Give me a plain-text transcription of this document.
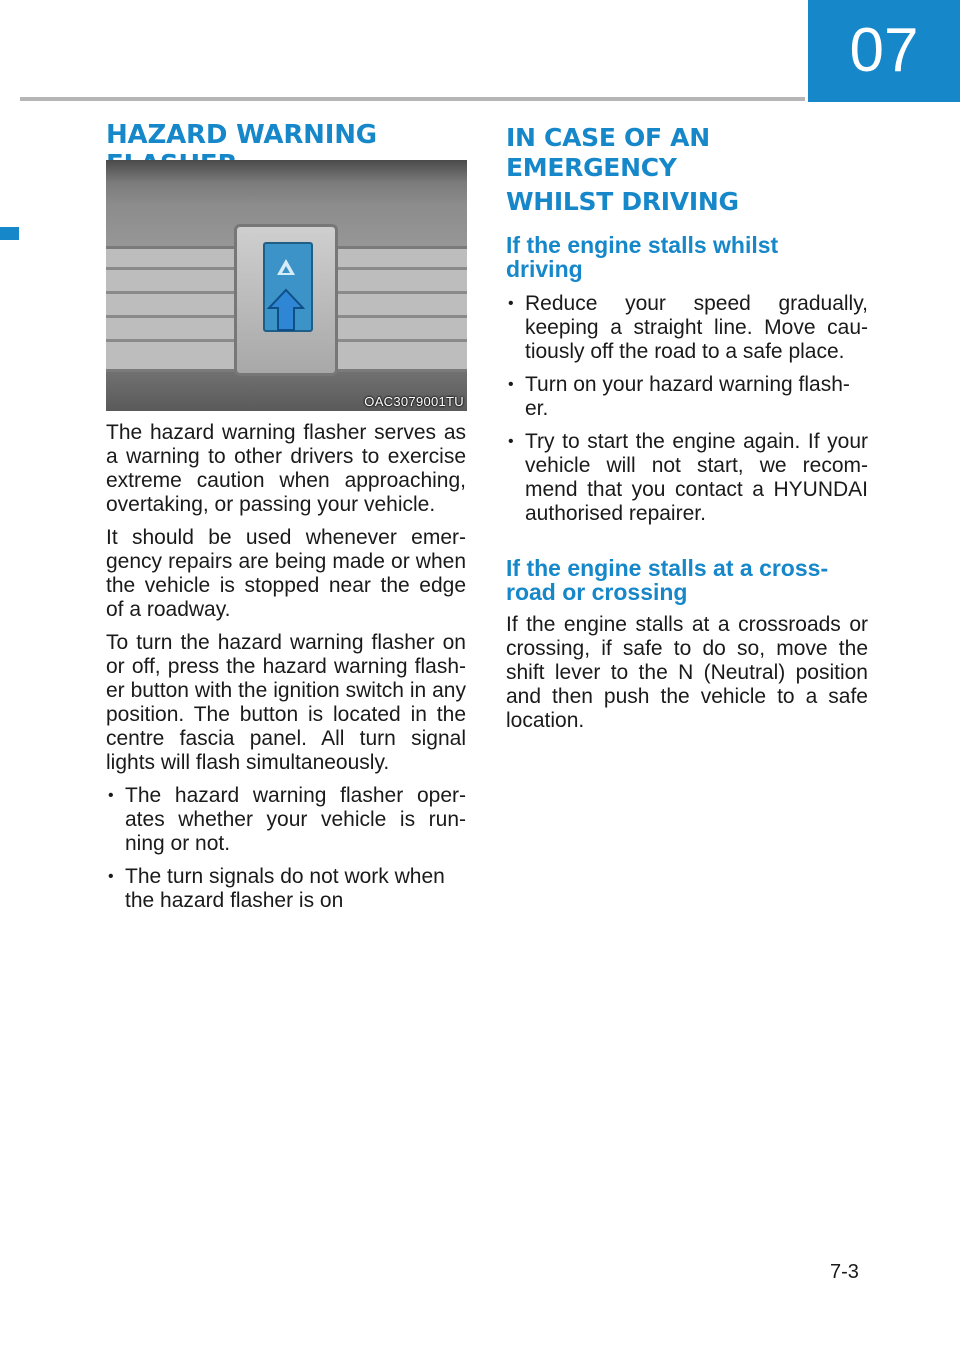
07
HAZARD WARNING
OAC3079001TU

The hazard warning flasher serves as a warning to other drivers to exercise extreme caution when approaching, overtaking, or passing your vehicle.

It should be used whenever emer-gency repairs are being made or when the vehicle is stopped near the edge of a roadway.

To turn the hazard warning flasher on or off, press the hazard warning flash-er button with the ignition switch in any position. The button is located in the centre fascia panel. All turn signal lights will flash simultaneously.

• The hazard warning flasher oper-ates whether your vehicle is run-ning or not.

• The turn signals do not work when the hazard flasher is on

IN CASE OF AN EMERGENCY
WHILST DRIVING
If the engine stalls whilst
driving

• Reduce your speed gradually, keeping a straight line. Move cau-tiously off the road to a safe place.

• Turn on your hazard warning flash-er.

• Try to start the engine again. If your vehicle will not start, we recom-mend that you contact a HYUNDAI authorised repairer.

If the engine stalls at a cross-
road or crossing

If the engine stalls at a crossroads or crossing, if safe to do so, move the shift lever to the N (Neutral) position and then push the vehicle to a safe location.

7-3
